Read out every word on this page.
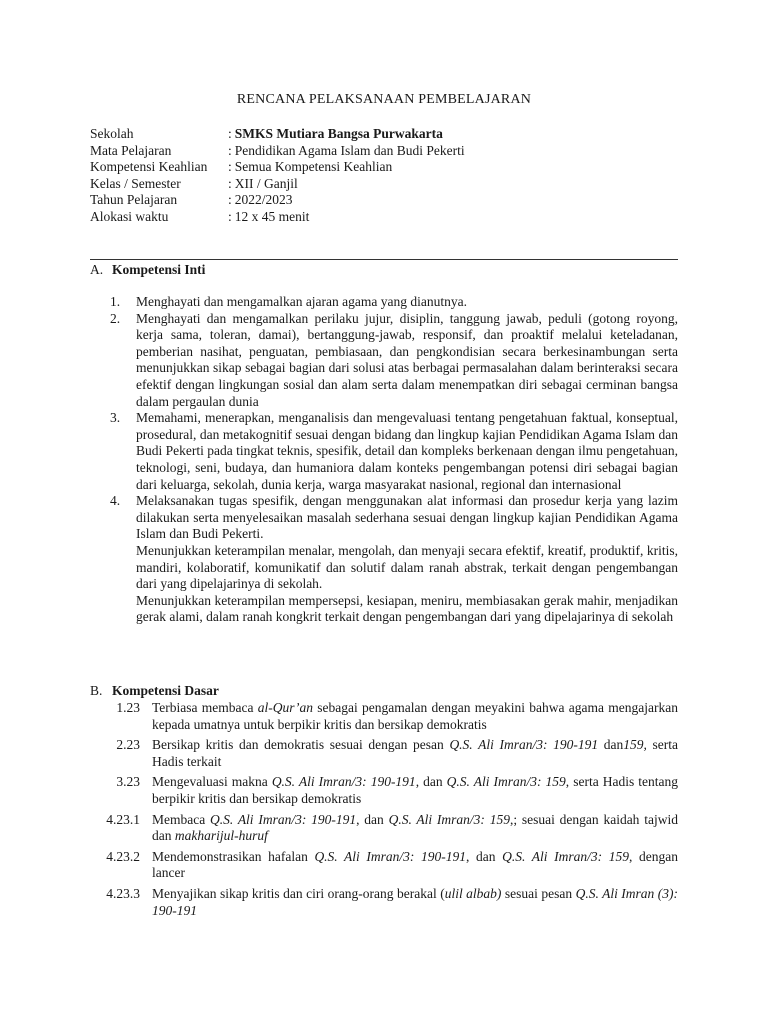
RENCANA PELAKSANAAN PEMBELAJARAN
Sekolah	: SMKS Mutiara Bangsa Purwakarta
Mata Pelajaran	: Pendidikan Agama Islam dan Budi Pekerti
Kompetensi Keahlian	: Semua Kompetensi Keahlian
Kelas / Semester	: XII / Ganjil
Tahun Pelajaran	: 2022/2023
Alokasi waktu	: 12 x 45 menit
A. Kompetensi Inti
1.	Menghayati dan mengamalkan ajaran agama yang dianutnya.
2.	Menghayati dan mengamalkan perilaku jujur, disiplin, tanggung jawab, peduli (gotong royong, kerja sama, toleran, damai), bertanggung-jawab, responsif, dan proaktif melalui keteladanan, pemberian nasihat, penguatan, pembiasaan, dan pengkondisian secara berkesinambungan serta menunjukkan sikap sebagai bagian dari solusi atas berbagai permasalahan dalam berinteraksi secara efektif dengan lingkungan sosial dan alam serta dalam menempatkan diri sebagai cerminan bangsa dalam pergaulan dunia
3.	Memahami, menerapkan, menganalisis dan mengevaluasi tentang pengetahuan faktual, konseptual, prosedural, dan metakognitif sesuai dengan bidang dan lingkup kajian Pendidikan Agama Islam dan Budi Pekerti pada tingkat teknis, spesifik, detail dan kompleks berkenaan dengan ilmu pengetahuan, teknologi, seni, budaya, dan humaniora dalam konteks pengembangan potensi diri sebagai bagian dari keluarga, sekolah, dunia kerja, warga masyarakat nasional, regional dan internasional
4.	Melaksanakan tugas spesifik, dengan menggunakan alat informasi dan prosedur kerja yang lazim dilakukan serta menyelesaikan masalah sederhana sesuai dengan lingkup kajian Pendidikan Agama Islam dan Budi Pekerti.
Menunjukkan keterampilan menalar, mengolah, dan menyaji secara efektif, kreatif, produktif, kritis, mandiri, kolaboratif, komunikatif dan solutif dalam ranah abstrak, terkait dengan pengembangan dari yang dipelajarinya di sekolah.
Menunjukkan keterampilan mempersepsi, kesiapan, meniru, membiasakan gerak mahir, menjadikan gerak alami, dalam ranah kongkrit terkait dengan pengembangan dari yang dipelajarinya di sekolah
B. Kompetensi Dasar
1.23 Terbiasa membaca al-Qur’an sebagai pengamalan dengan meyakini bahwa agama mengajarkan kepada umatnya untuk berpikir kritis dan bersikap demokratis
2.23 Bersikap kritis dan demokratis sesuai dengan pesan Q.S. Ali Imran/3: 190-191 dan159, serta Hadis terkait
3.23 Mengevaluasi makna Q.S. Ali Imran/3: 190-191, dan Q.S. Ali Imran/3: 159, serta Hadis tentang berpikir kritis dan bersikap demokratis
4.23.1 Membaca Q.S. Ali Imran/3: 190-191, dan Q.S. Ali Imran/3: 159,; sesuai dengan kaidah tajwid dan makharijul-huruf
4.23.2 Mendemonstrasikan hafalan Q.S. Ali Imran/3: 190-191, dan Q.S. Ali Imran/3: 159, dengan lancer
4.23.3 Menyajikan sikap kritis dan ciri orang-orang berakal (ulil albab) sesuai pesan Q.S. Ali Imran (3): 190-191
